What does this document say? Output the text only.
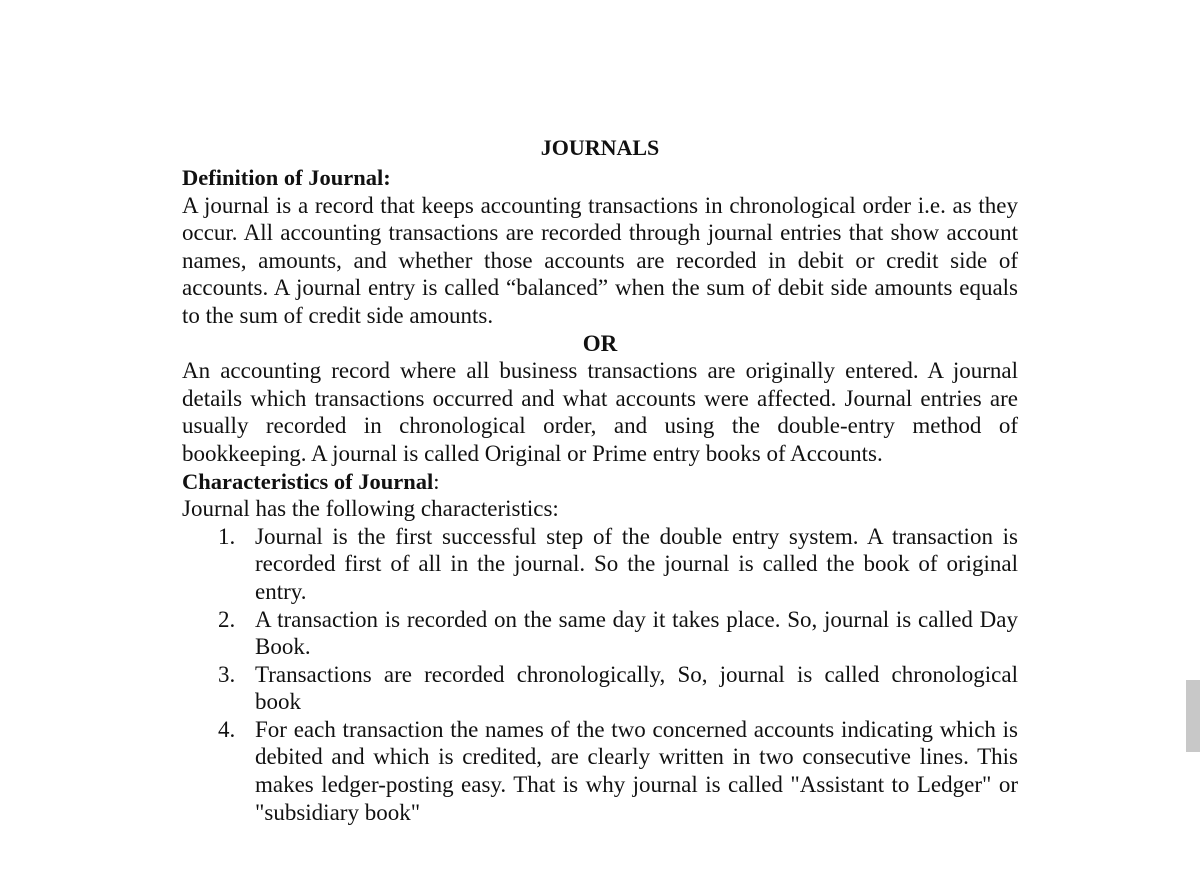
JOURNALS
Definition of Journal:

A journal is a record that keeps accounting transactions in chronological order i.e. as they occur. All accounting transactions are recorded through journal entries that show account names, amounts, and whether those accounts are recorded in debit or credit side of accounts. A journal entry is called “balanced” when the sum of debit side amounts equals to the sum of credit side amounts.

OR

An accounting record where all business transactions are originally entered. A journal details which transactions occurred and what accounts were affected. Journal entries are usually recorded in chronological order, and using the double-entry method of bookkeeping. A journal is called Original or Prime entry books of Accounts.

Characteristics of Journal:

Journal has the following characteristics:

1. Journal is the first successful step of the double entry system. A transaction is recorded first of all in the journal. So the journal is called the book of original entry.
2. A transaction is recorded on the same day it takes place. So, journal is called Day Book.
3. Transactions are recorded chronologically, So, journal is called chronological book
4. For each transaction the names of the two concerned accounts indicating which is debited and which is credited, are clearly written in two consecutive lines. This makes ledger-posting easy. That is why journal is called "Assistant to Ledger" or "subsidiary book"
